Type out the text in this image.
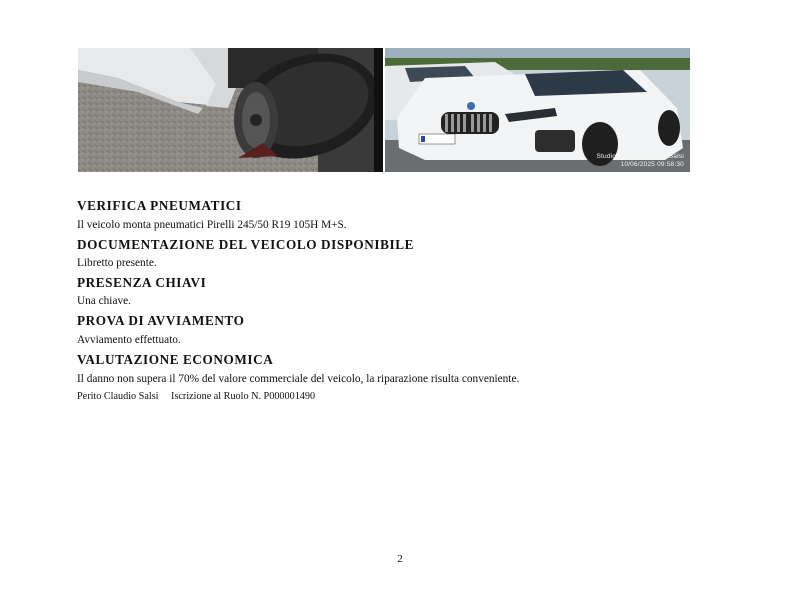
Studio Tecnico Claudio Salsi
10/06/2025 09:58:30
VERIFICA PNEUMATICI

Il veicolo monta pneumatici Pirelli 245/50 R19 105H M+S.

DOCUMENTAZIONE DEL VEICOLO DISPONIBILE

Libretto presente.

PRESENZA CHIAVI

Una chiave.

PROVA DI AVVIAMENTO

Avviamento effettuato.

VALUTAZIONE ECONOMICA

Il danno non supera il 70% del valore commerciale del veicolo, la riparazione risulta conveniente.

Perito Claudio Salsi Iscrizione al Ruolo N. P000001490

2
